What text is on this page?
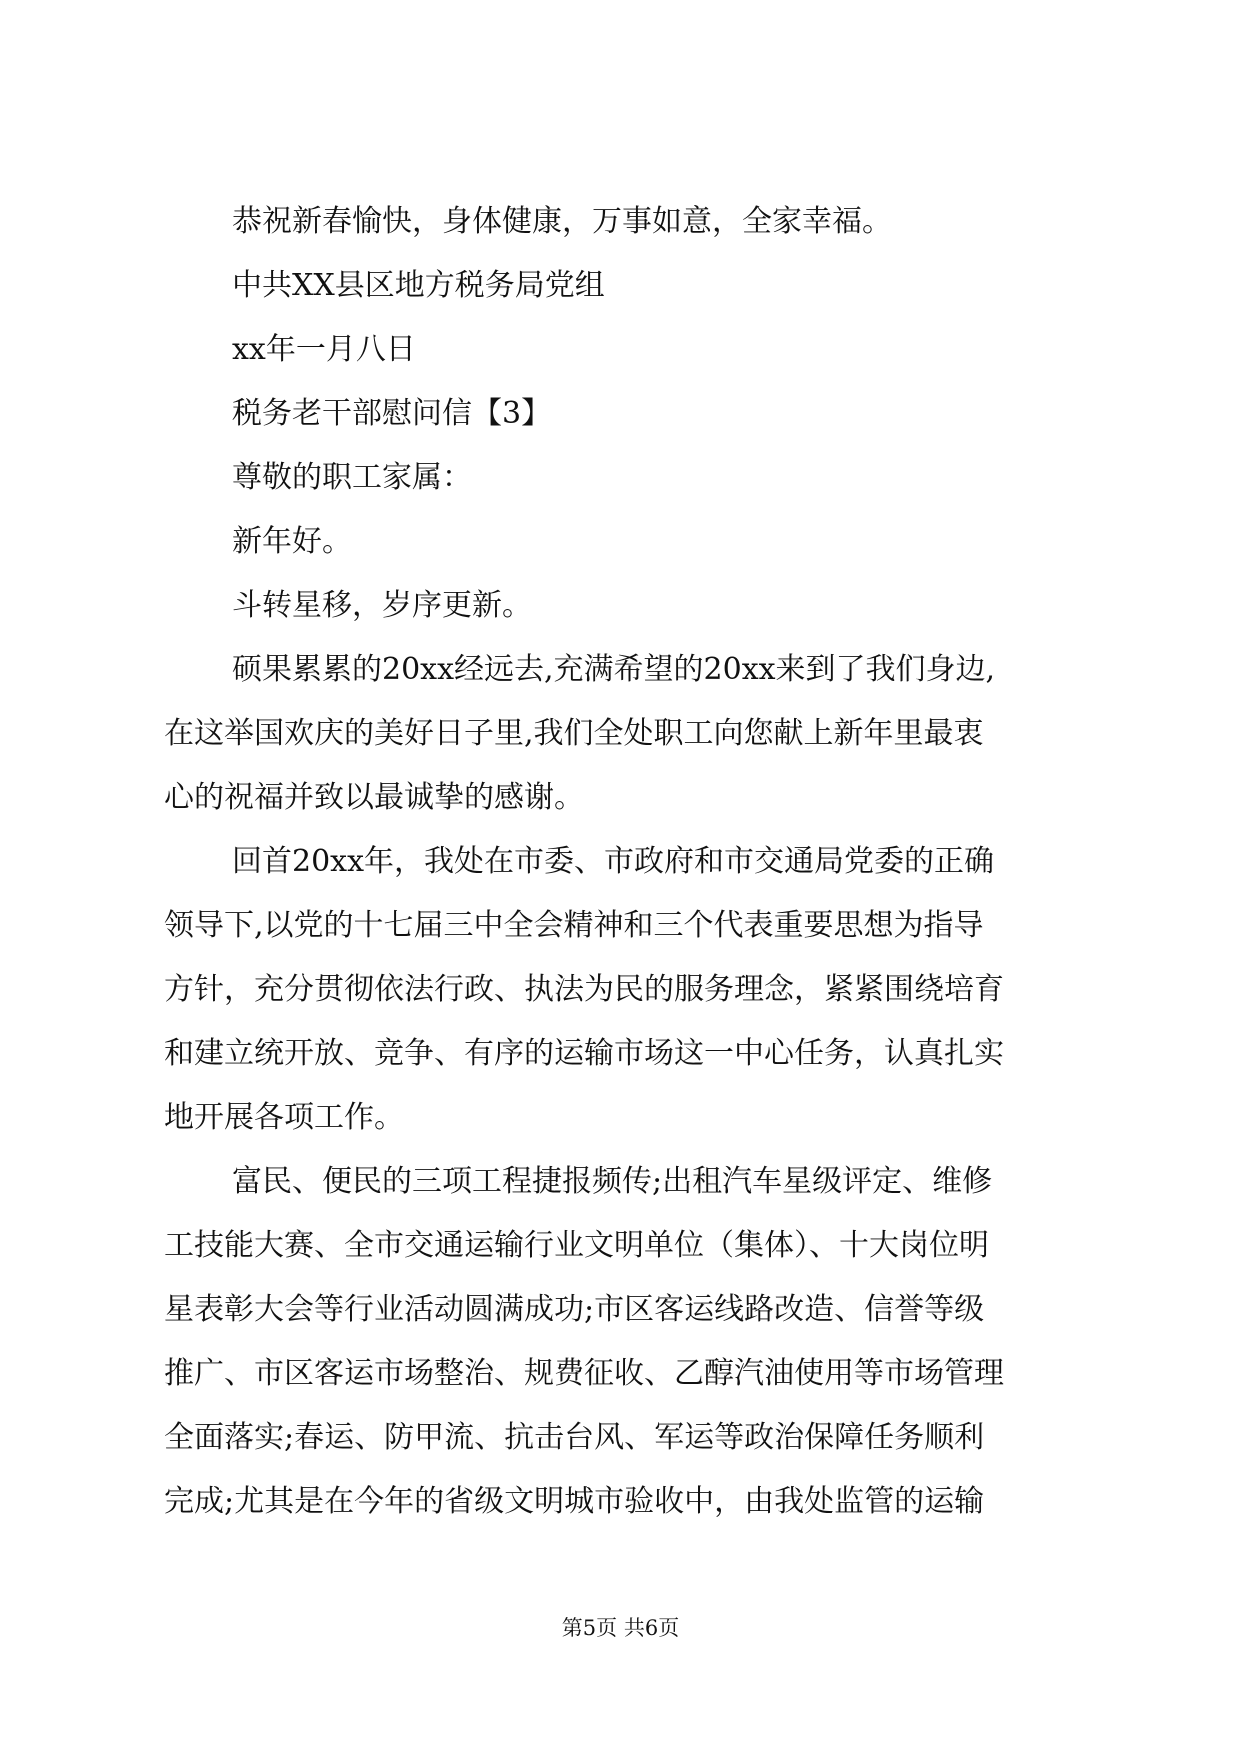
恭祝新春愉快，身体健康，万事如意，全家幸福。
中共XX县区地方税务局党组
xx年一月八日
税务老干部慰问信【3】
尊敬的职工家属：
新年好。
斗转星移，岁序更新。
硕果累累的20xx经远去,充满希望的20xx来到了我们身边,
在这举国欢庆的美好日子里,我们全处职工向您献上新年里最衷
心的祝福并致以最诚挚的感谢。
回首20xx年，我处在市委、市政府和市交通局党委的正确
领导下,以党的十七届三中全会精神和三个代表重要思想为指导
方针，充分贯彻依法行政、执法为民的服务理念，紧紧围绕培育
和建立统开放、竞争、有序的运输市场这一中心任务，认真扎实
地开展各项工作。
富民、便民的三项工程捷报频传;出租汽车星级评定、维修
工技能大赛、全市交通运输行业文明单位（集体）、十大岗位明
星表彰大会等行业活动圆满成功;市区客运线路改造、信誉等级
推广、市区客运市场整治、规费征收、乙醇汽油使用等市场管理
全面落实;春运、防甲流、抗击台风、军运等政治保障任务顺利
完成;尤其是在今年的省级文明城市验收中，由我处监管的运输
第5页 共6页
